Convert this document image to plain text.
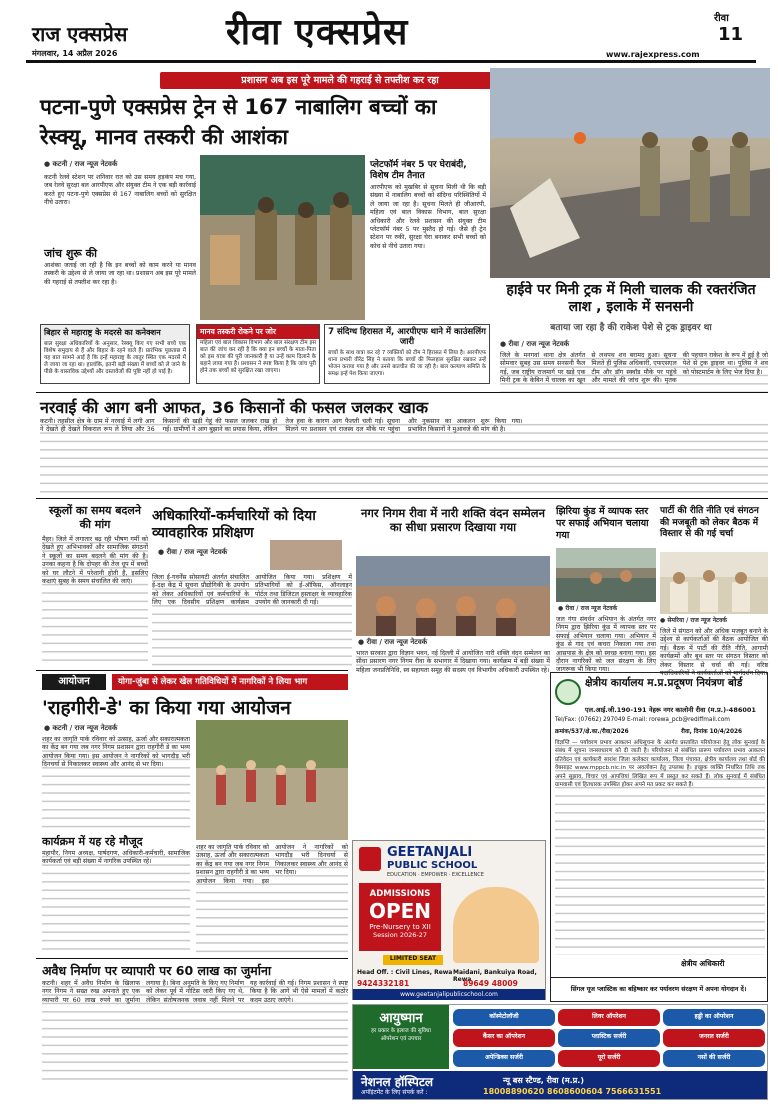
राज एक्सप्रेस
मंगलवार, 14 अप्रैल 2026
रीवा एक्सप्रेस
www.rajexpress.com
रीवा
11
प्रशासन अब इस पूरे मामले की गहराई से तफ्तीश कर रहा
पटना-पुणे एक्सप्रेस ट्रेन से 167 नाबालिग बच्चों का रेस्क्यू, मानव तस्करी की आशंका
● कटनी / राज न्यूज नेटवर्क
कटनी रेलवे स्टेशन पर शनिवार रात को उस समय हड़कंप मच गया, जब रेलवे सुरक्षा बल आरपीएफ और संयुक्त टीम ने एक बड़ी कार्रवाई करते हुए पटना-पुणे एक्सप्रेस से 167 नाबालिग बच्चों को सुरक्षित नीचे उतारा।
जांच शुरू की
आशंका जताई जा रही है कि इन बच्चों को काम करने या मानव तस्करी के उद्देश्य से ले जाया जा रहा था। प्रशासन अब इस पूरे मामले की गहराई से तफ्तीश कर रहा है।
प्लेटफॉर्म नंबर 5 पर घेराबंदी, विशेष टीम तैनात
आरपीएफ को मुखबिर से सूचना मिली थी कि बड़ी संख्या में नाबालिग बच्चों को संदिग्ध परिस्थितियों में ले जाया जा रहा है। सूचना मिलते ही जीआरपी, महिला एवं बाल विकास विभाग, बाल सुरक्षा अधिकारी और रेलवे प्रशासन की संयुक्त टीम प्लेटफॉर्म नंबर 5 पर मुस्तैद हो गई। जैसे ही ट्रेन स्टेशन पर रुकी, सुरक्षा घेरा बनाकर सभी बच्चों को कोच से नीचे उतारा गया।
बिहार से महाराष्ट्र के मदरसे का कनेक्शन
बाल सुरक्षा अधिकारियों के अनुसार, रेस्क्यू किए गए सभी बच्चे एक विशेष समुदाय से हैं और बिहार के रहने वाले हैं। प्रारंभिक पूछताछ में यह बात सामने आई है कि इन्हें महाराष्ट्र के लातूर स्थित एक मदरसे में ले जाया जा रहा था। हालांकि, इतनी बड़ी संख्या में बच्चों को ले जाने के पीछे के वास्तविक उद्देश्यों और दस्तावेजों की पुष्टि नहीं हो पाई है।
मानव तस्करी रोकने पर जोर
महिला एवं बाल विकास विभाग और बाल संरक्षण टीम इस बात की जांच कर रही है कि क्या इन बच्चों के माता-पिता को इस यात्रा की पूरी जानकारी है या उन्हें काम दिलाने के बहाने लाया गया है। प्रशासन ने स्पष्ट किया है कि जांच पूरी होने तक बच्चों को सुरक्षित रखा जाएगा।
7 संदिग्ध हिरासत में, आरपीएफ थाने में काउंसलिंग जारी
बच्चों के साथ यात्रा कर रहे 7 व्यक्तियों को टीम ने हिरासत में लिया है। आरपीएफ थाना प्रभारी वीरेंद्र सिंह ने बताया कि बच्चों की फिलहाल सुरक्षित रखकर उन्हें भोजन कराया गया है और उनसे बातचीत की जा रही है। बाल कल्याण समिति के समक्ष इन्हें पेश किया जाएगा।
हाईवे पर मिनी ट्रक में मिली चालक की रक्तरंजित लाश , इलाके में सनसनी
बताया जा रहा है की राकेश पेशे से ट्रक ड्राइवर था
● रीवा / राज न्यूज नेटवर्क
जिले के मनगवां थाना क्षेत्र अंतर्गत सोमवार सुबह उस समय सनसनी फैल गई, जब राष्ट्रीय राजमार्ग पर खड़े एक मिनी ट्रक के केबिन में चालक का खून से लथपथ शव बरामद हुआ। सूचना मिलते ही पुलिस अधिकारी, एफएसएल टीम और डॉग स्क्वॉड मौके पर पहुंचे और मामले की जांच शुरू की। मृतक की पहचान राकेश के रूप में हुई है जो पेशे से ट्रक ड्राइवर था। पुलिस ने शव को पोस्टमार्टम के लिए भेज दिया है।
नरवाई की आग बनी आफत, 36 किसानों की फसल जलकर खाक
कटनी। तहसील क्षेत्र के ग्राम में नरवाई में लगी आग ने देखते ही देखते विकराल रूप ले लिया और 36 किसानों की खड़ी गेहूं की फसल जलकर राख हो गई। ग्रामीणों ने आग बुझाने का प्रयास किया, लेकिन तेज हवा के कारण आग फैलती चली गई। सूचना मिलने पर प्रशासन एवं राजस्व दल मौके पर पहुंचा और नुकसान का आकलन शुरू किया गया। प्रभावित किसानों ने मुआवजे की मांग की है।
स्कूलों का समय बदलने की मांग
मैहर। जिले में लगातार बढ़ रही भीषण गर्मी को देखते हुए अभिभावकों और सामाजिक संगठनों ने स्कूलों का समय बदलने की मांग की है। उनका कहना है कि दोपहर की तेज धूप में बच्चों को घर लौटने में परेशानी होती है, इसलिए कक्षाएं सुबह के समय संचालित की जाएं।
अधिकारियों-कर्मचारियों को दिया व्यावहारिक प्रशिक्षण
● रीवा / राज न्यूज नेटवर्क
जिला ई-गवर्नेंस सोसायटी अंतर्गत संचालित ई-दक्ष केंद्र में सूचना प्रौद्योगिकी के उपयोग को लेकर अधिकारियों एवं कर्मचारियों के लिए एक दिवसीय प्रशिक्षण कार्यक्रम आयोजित किया गया। प्रशिक्षण में प्रतिभागियों को ई-ऑफिस, ऑनलाइन पोर्टल तथा डिजिटल हस्ताक्षर के व्यावहारिक उपयोग की जानकारी दी गई।
नगर निगम रीवा में नारी शक्ति वंदन सम्मेलन का सीधा प्रसारण दिखाया गया
● रीवा / राज न्यूज नेटवर्क
भारत सरकार द्वारा विज्ञान भवन, नई दिल्ली में आयोजित नारी शक्ति वंदन सम्मेलन का सीधा प्रसारण नगर निगम रीवा के सभागार में दिखाया गया। कार्यक्रम में बड़ी संख्या में महिला जनप्रतिनिधि, स्व सहायता समूह की सदस्य एवं विभागीय अधिकारी उपस्थित रहे।
झिरिया कुंड में व्यापक स्तर पर सफाई अभियान चलाया गया
● रीवा / राज न्यूज नेटवर्क
जल गंगा संवर्धन अभियान के अंतर्गत नगर निगम द्वारा झिरिया कुंड में व्यापक स्तर पर सफाई अभियान चलाया गया। अभियान में कुंड से गाद एवं कचरा निकाला गया तथा आसपास के क्षेत्र को स्वच्छ बनाया गया। इस दौरान नागरिकों को जल संरक्षण के लिए जागरूक भी किया गया।
पार्टी की रीति नीति एवं संगठन की मजबूती को लेकर बैठक में विस्तार से की गई चर्चा
● सेमरिया / राज न्यूज नेटवर्क
जिले में संगठन को और अधिक मजबूत बनाने के उद्देश्य से कार्यकर्ताओं की बैठक आयोजित की गई। बैठक में पार्टी की रीति नीति, आगामी कार्यक्रमों और बूथ स्तर पर संगठन विस्तार को लेकर विस्तार से चर्चा की गई। वरिष्ठ पदाधिकारियों ने कार्यकर्ताओं को मार्गदर्शन दिया।
आयोजन	योगा-जुंबा से लेकर खेल गतिविधियों में नागरिकों ने लिया भाग
'राहगीरी-डे' का किया गया आयोजन
● कटनी / राज न्यूज नेटवर्क
शहर का जागृति पार्क रविवार को उत्साह, ऊर्जा और सकारात्मकता का केंद्र बन गया जब नगर निगम प्रशासन द्वारा राहगीरी डे का भव्य आयोजन किया गया। इस आयोजन ने नागरिकों को भागदौड़ भरी दिनचर्या से निकालकर स्वास्थ्य और आनंद से भर दिया।
कार्यक्रम में यह रहे मौजूद
महापौर, निगम अध्यक्ष, पार्षदगण, अधिकारी-कर्मचारी, सामाजिक कार्यकर्ता एवं बड़ी संख्या में नागरिक उपस्थित रहे।
शहर का जागृति पार्क रविवार को उत्साह, ऊर्जा और सकारात्मकता का केंद्र बन गया जब नगर निगम प्रशासन द्वारा राहगीरी डे का भव्य आयोजन किया गया। इस आयोजन ने नागरिकों को भागदौड़ भरी दिनचर्या से निकालकर स्वास्थ्य और आनंद से भर दिया।
GEETANJALI
PUBLIC SCHOOL
EDUCATION · EMPOWER · EXCELLENCE
ADMISSIONS
OPEN
Pre-Nursery to XII
Session 2026-27
LIMITED SEAT
Head Off. : Civil Lines, Rewa Maidani, Bankuiya Road, Rewa
9424332181	89649 48009
www.geetanjalipublicschool.com
क्षेत्रीय कार्यालय म.प्र.प्रदूषण नियंत्रण बोर्ड
एल.आई.जी.190-191 नेहरू नगर कालोनी रीवा (म.प्र.)-486001
Tel/Fax: (07662) 297049 E-mail: rorewa_pcb@rediffmail.com
क्रमांक/537/क्षे.का./रीवा/2026	रीवा, दिनांक 10/4/2026
विज्ञप्ति — पर्यावरण प्रभाव आकलन अधिसूचना के अंतर्गत प्रस्तावित परियोजना हेतु लोक सुनवाई के संबंध में सूचना जनसाधारण को दी जाती है। परियोजना से संबंधित प्रारूप पर्यावरण प्रभाव आकलन प्रतिवेदन एवं कार्यकारी सारांश जिला कलेक्टर कार्यालय, जिला पंचायत, क्षेत्रीय कार्यालय तथा बोर्ड की वेबसाइट www.mppcb.nic.in पर अवलोकन हेतु उपलब्ध है। इच्छुक व्यक्ति निर्धारित तिथि तक अपने सुझाव, विचार एवं आपत्तियां लिखित रूप में प्रस्तुत कर सकते हैं। लोक सुनवाई में संबंधित ग्रामवासी एवं हितधारक उपस्थित होकर अपने मत प्रकट कर सकते हैं।
क्षेत्रीय अधिकारी
सिंगल यूज प्लास्टिक का बहिष्कार कर पर्यावरण संरक्षण में अपना योगदान दें।
अवैध निर्माण पर व्यापारी पर 60 लाख का जुर्माना
कटनी। शहर में अवैध निर्माण के खिलाफ नगर निगम ने सख्त रुख अपनाते हुए एक व्यापारी पर 60 लाख रुपये का जुर्माना लगाया है। बिना अनुमति के किए गए निर्माण को लेकर पूर्व में नोटिस जारी किए गए थे, लेकिन संतोषजनक जवाब नहीं मिलने पर यह कार्रवाई की गई। निगम प्रशासन ने स्पष्ट किया है कि आगे भी ऐसे मामलों में कठोर कदम उठाए जाएंगे।
आयुष्मान
हर प्रकार के इलाज की सुविधा
ऑपरेशन एवं उपचार
कॉस्मेटोलॉजी	लिवर ऑपरेशन	हड्डी का ऑपरेशन
कैंसर का ऑपरेशन	प्लास्टिक सर्जरी	जनरल सर्जरी
अपेन्डिक्स सर्जरी	यूरो सर्जरी	नसों की सर्जरी
नेशनल हॉस्पिटल	न्यू बस स्टैण्ड, रीवा (म.प्र.)
अपॉइंटमेंट के लिए संपर्क करें :	18008890620 8608600604 7566631551
